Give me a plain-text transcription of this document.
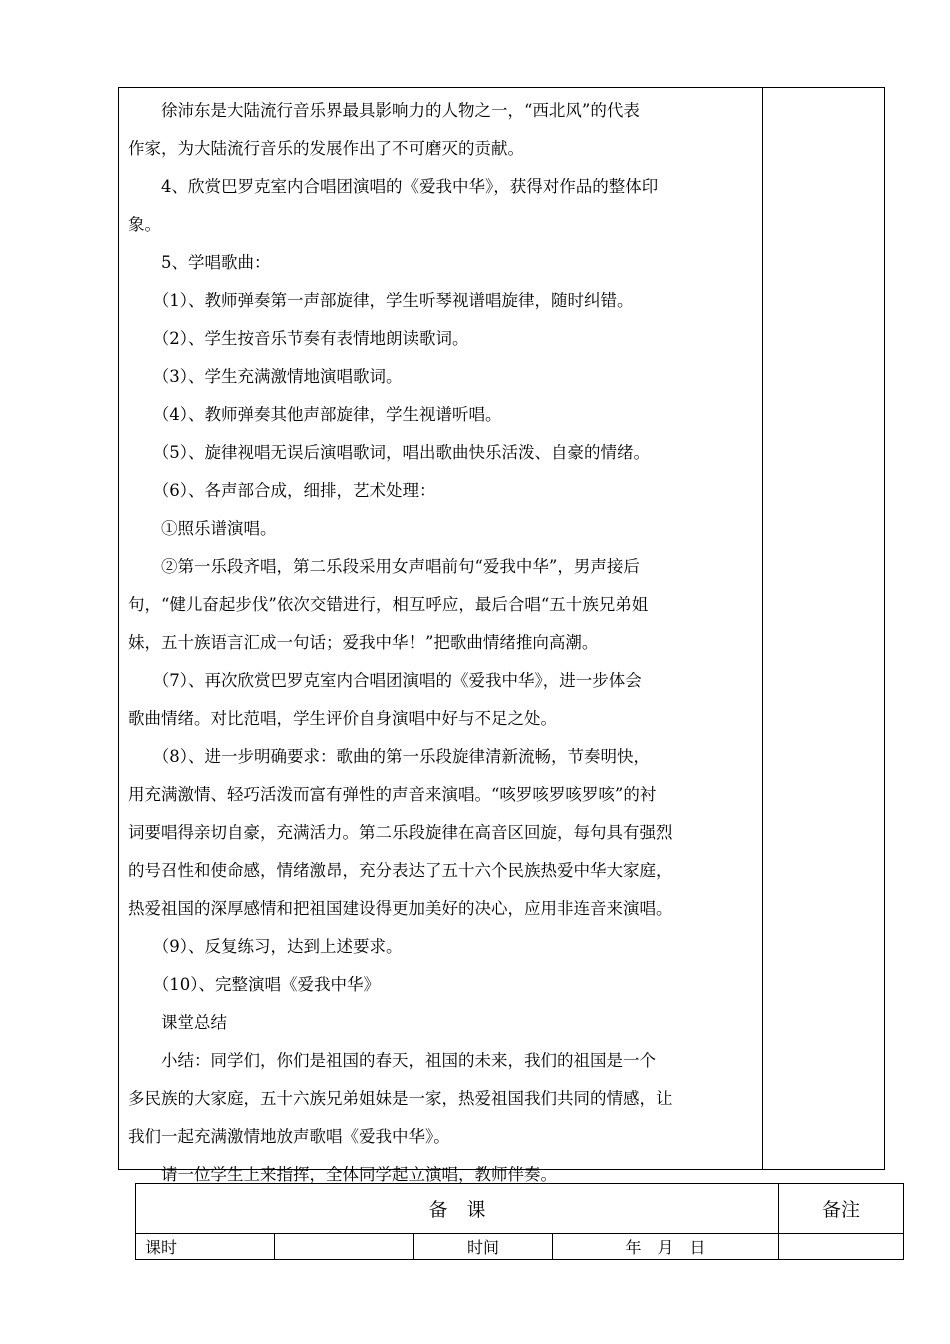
　　徐沛东是大陆流行音乐界最具影响力的人物之一，“西北风”的代表

作家，为大陆流行音乐的发展作出了不可磨灭的贡献。

　　4、欣赏巴罗克室内合唱团演唱的《爱我中华》，获得对作品的整体印

象。

　　5、学唱歌曲：

　　（1）、教师弹奏第一声部旋律，学生听琴视谱唱旋律，随时纠错。

　　（2）、学生按音乐节奏有表情地朗读歌词。

　　（3）、学生充满激情地演唱歌词。

　　（4）、教师弹奏其他声部旋律，学生视谱听唱。

　　（5）、旋律视唱无误后演唱歌词，唱出歌曲快乐活泼、自豪的情绪。

　　（6）、各声部合成，细排，艺术处理：

　　①照乐谱演唱。

　　②第一乐段齐唱，第二乐段采用女声唱前句“爱我中华”，男声接后

句，“健儿奋起步伐”依次交错进行，相互呼应，最后合唱“五十族兄弟姐

妹，五十族语言汇成一句话；爱我中华！”把歌曲情绪推向高潮。

　　（7）、再次欣赏巴罗克室内合唱团演唱的《爱我中华》，进一步体会

歌曲情绪。对比范唱，学生评价自身演唱中好与不足之处。

　　（8）、进一步明确要求：歌曲的第一乐段旋律清新流畅，节奏明快，

用充满激情、轻巧活泼而富有弹性的声音来演唱。“咳罗咳罗咳罗咳”的衬

词要唱得亲切自豪，充满活力。第二乐段旋律在高音区回旋，每句具有强烈

的号召性和使命感，情绪激昂，充分表达了五十六个民族热爱中华大家庭，

热爱祖国的深厚感情和把祖国建设得更加美好的决心，应用非连音来演唱。

　　（9）、反复练习，达到上述要求。

　　（10）、完整演唱《爱我中华》

　　课堂总结

　　小结：同学们，你们是祖国的春天，祖国的未来，我们的祖国是一个

多民族的大家庭，五十六族兄弟姐妹是一家，热爱祖国我们共同的情感，让

我们一起充满激情地放声歌唱《爱我中华》。

　　请一位学生上来指挥，全体同学起立演唱，教师伴奏。

备　课				备注
课时		时间	年　月　日	
